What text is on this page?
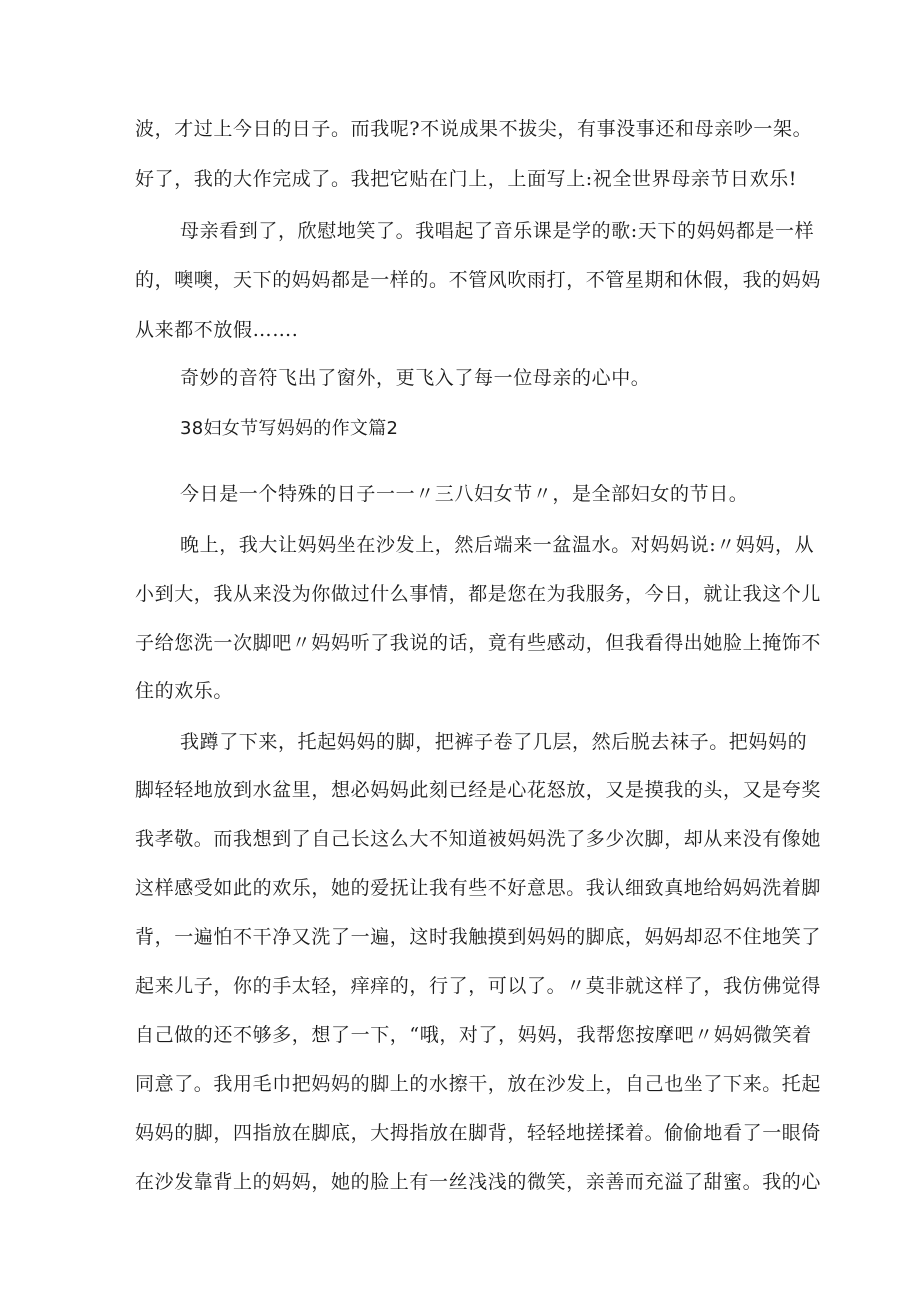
波，才过上今日的日子。而我呢?不说成果不拔尖，有事没事还和母亲吵一架。
好了，我的大作完成了。我把它贴在门上，上面写上:祝全世界母亲节日欢乐!
母亲看到了，欣慰地笑了。我唱起了音乐课是学的歌:天下的妈妈都是一样
的，噢噢，天下的妈妈都是一样的。不管风吹雨打，不管星期和休假，我的妈妈
从来都不放假…….
奇妙的音符飞出了窗外，更飞入了每一位母亲的心中。
38妇女节写妈妈的作文篇2
今日是一个特殊的日子一一〃三八妇女节〃，是全部妇女的节日。
晚上，我大让妈妈坐在沙发上，然后端来一盆温水。对妈妈说:〃妈妈，从
小到大，我从来没为你做过什么事情，都是您在为我服务，今日，就让我这个儿
子给您洗一次脚吧〃妈妈听了我说的话，竟有些感动，但我看得出她脸上掩饰不
住的欢乐。
我蹲了下来，托起妈妈的脚，把裤子卷了几层，然后脱去袜子。把妈妈的
脚轻轻地放到水盆里，想必妈妈此刻已经是心花怒放，又是摸我的头，又是夸奖
我孝敬。而我想到了自己长这么大不知道被妈妈洗了多少次脚，却从来没有像她
这样感受如此的欢乐，她的爱抚让我有些不好意思。我认细致真地给妈妈洗着脚
背，一遍怕不干净又洗了一遍，这时我触摸到妈妈的脚底，妈妈却忍不住地笑了
起来儿子，你的手太轻，痒痒的，行了，可以了。〃莫非就这样了，我仿佛觉得
自己做的还不够多，想了一下，“哦，对了，妈妈，我帮您按摩吧〃妈妈微笑着
同意了。我用毛巾把妈妈的脚上的水擦干，放在沙发上，自己也坐了下来。托起
妈妈的脚，四指放在脚底，大拇指放在脚背，轻轻地搓揉着。偷偷地看了一眼倚
在沙发靠背上的妈妈，她的脸上有一丝浅浅的微笑，亲善而充溢了甜蜜。我的心
